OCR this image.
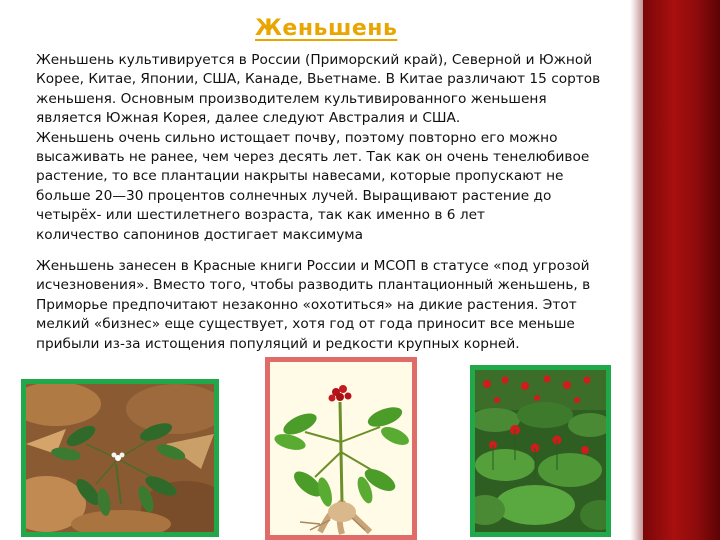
Женьшень

Женьшень культивируется в России (Приморский край), Северной и Южной
Корее, Китае, Японии, США, Канаде, Вьетнаме. В Китае различают 15 сортов
женьшеня. Основным производителем культивированного женьшеня
является Южная Корея, далее следуют Австралия и США.
Женьшень очень сильно истощает почву, поэтому повторно его можно
высаживать не ранее, чем через десять лет. Так как он очень тенелюбивое
растение, то все плантации накрыты навесами, которые пропускают не
больше 20—30 процентов солнечных лучей. Выращивают растение до
четырёх- или шестилетнего возраста, так как именно в 6 лет
количество сапонинов достигает максимума

Женьшень занесен в Красные книги России и МСОП в статусе «под угрозой
исчезновения». Вместо того, чтобы разводить плантационный женьшень, в
Приморье предпочитают незаконно «охотиться» на дикие растения. Этот
мелкий «бизнес» еще существует, хотя год от года приносит все меньше
прибыли из-за истощения популяций и редкости крупных корней.
